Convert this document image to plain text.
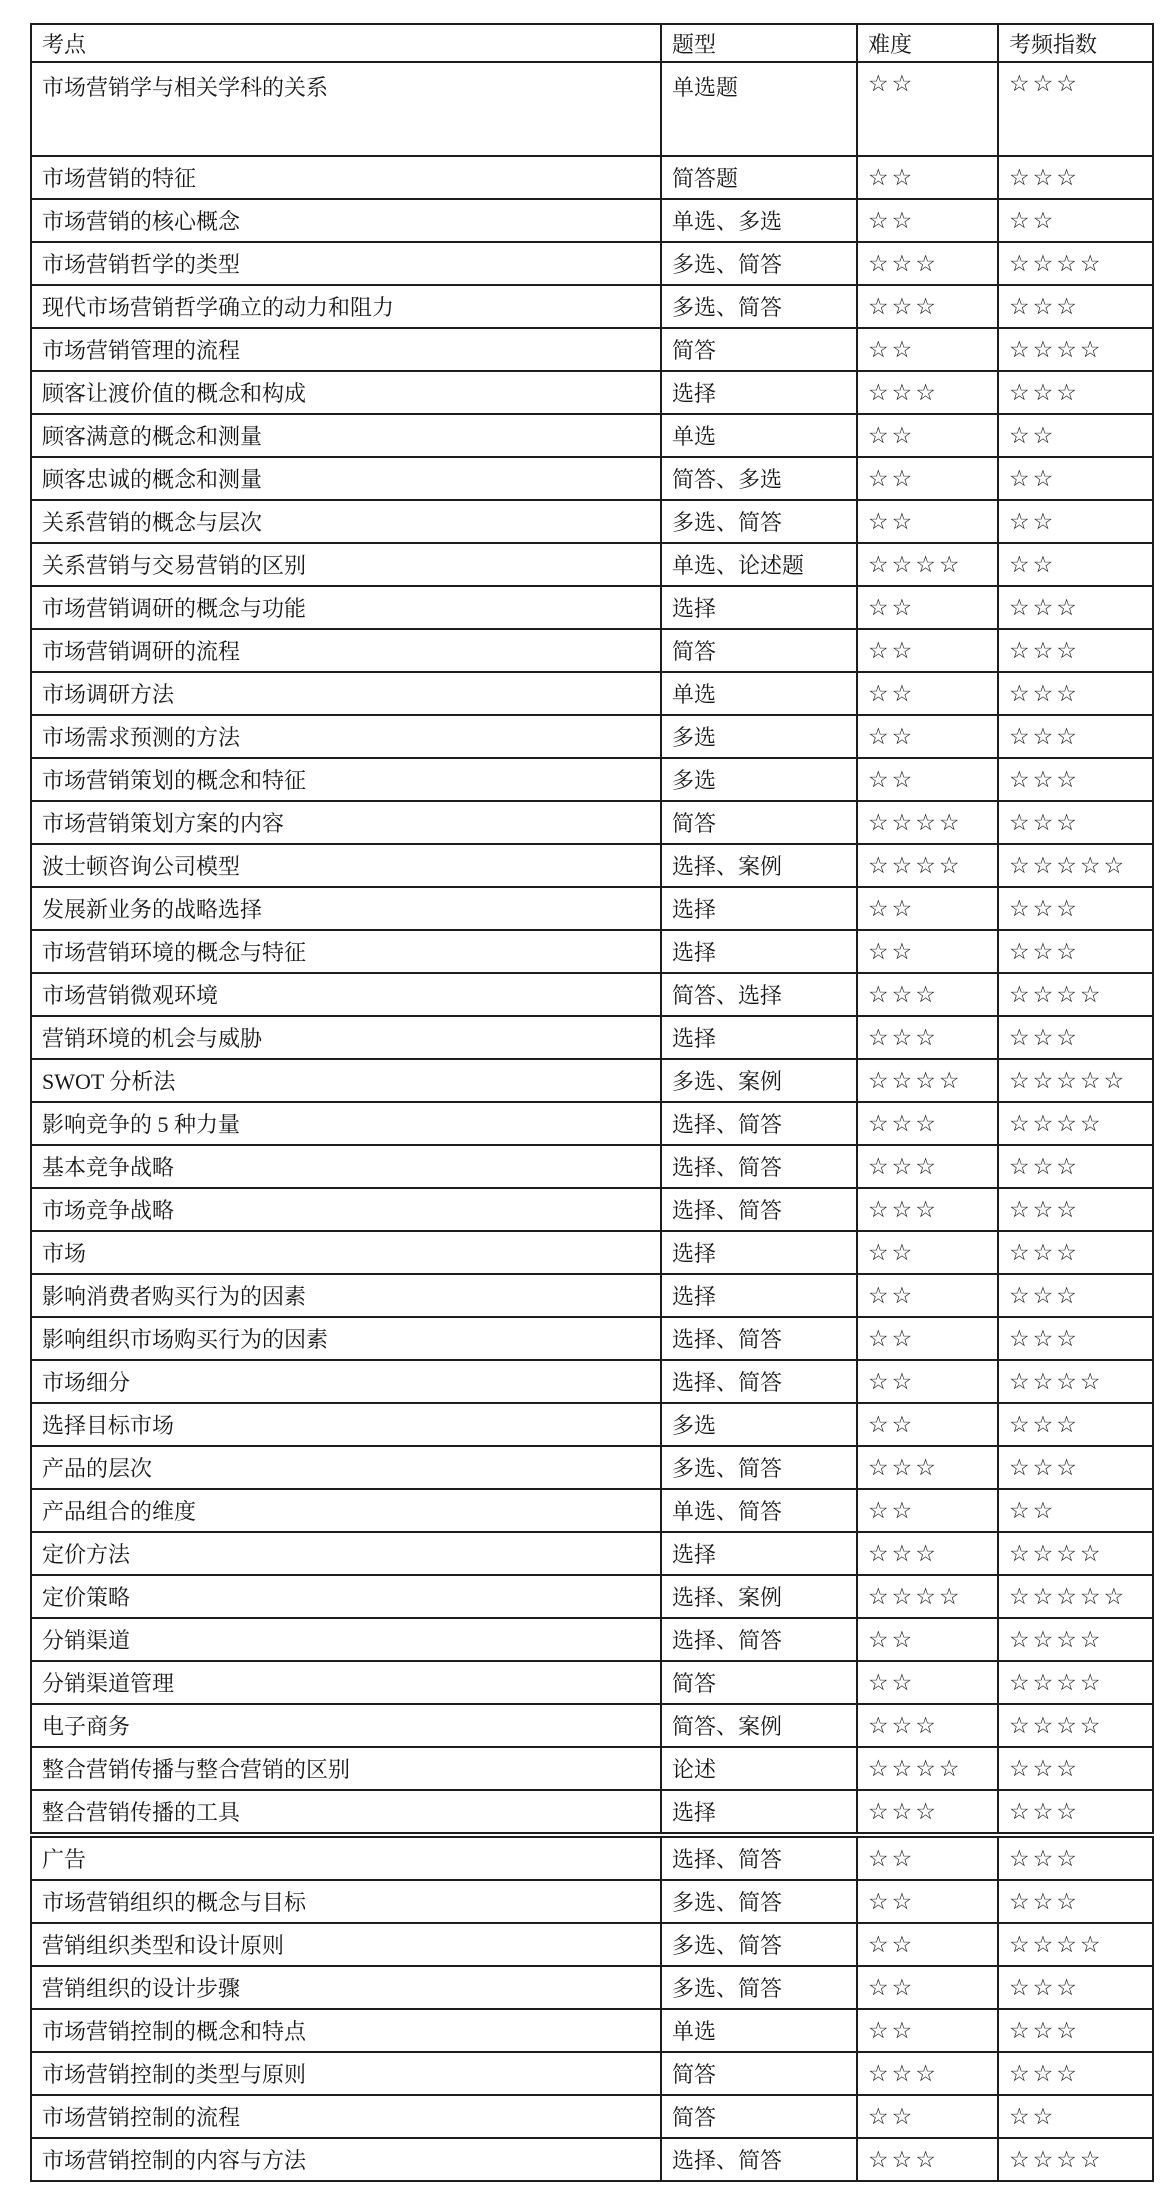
考点	题型	难度	考频指数
市场营销学与相关学科的关系	单选题	☆☆	☆☆☆
市场营销的特征	简答题	☆☆	☆☆☆
市场营销的核心概念	单选、多选	☆☆	☆☆
市场营销哲学的类型	多选、简答	☆☆☆	☆☆☆☆
现代市场营销哲学确立的动力和阻力	多选、简答	☆☆☆	☆☆☆
市场营销管理的流程	简答	☆☆	☆☆☆☆
顾客让渡价值的概念和构成	选择	☆☆☆	☆☆☆
顾客满意的概念和测量	单选	☆☆	☆☆
顾客忠诚的概念和测量	简答、多选	☆☆	☆☆
关系营销的概念与层次	多选、简答	☆☆	☆☆
关系营销与交易营销的区别	单选、论述题	☆☆☆☆	☆☆
市场营销调研的概念与功能	选择	☆☆	☆☆☆
市场营销调研的流程	简答	☆☆	☆☆☆
市场调研方法	单选	☆☆	☆☆☆
市场需求预测的方法	多选	☆☆	☆☆☆
市场营销策划的概念和特征	多选	☆☆	☆☆☆
市场营销策划方案的内容	简答	☆☆☆☆	☆☆☆
波士顿咨询公司模型	选择、案例	☆☆☆☆	☆☆☆☆☆
发展新业务的战略选择	选择	☆☆	☆☆☆
市场营销环境的概念与特征	选择	☆☆	☆☆☆
市场营销微观环境	简答、选择	☆☆☆	☆☆☆☆
营销环境的机会与威胁	选择	☆☆☆	☆☆☆
SWOT 分析法	多选、案例	☆☆☆☆	☆☆☆☆☆
影响竞争的 5 种力量	选择、简答	☆☆☆	☆☆☆☆
基本竞争战略	选择、简答	☆☆☆	☆☆☆
市场竞争战略	选择、简答	☆☆☆	☆☆☆
市场	选择	☆☆	☆☆☆
影响消费者购买行为的因素	选择	☆☆	☆☆☆
影响组织市场购买行为的因素	选择、简答	☆☆	☆☆☆
市场细分	选择、简答	☆☆	☆☆☆☆
选择目标市场	多选	☆☆	☆☆☆
产品的层次	多选、简答	☆☆☆	☆☆☆
产品组合的维度	单选、简答	☆☆	☆☆
定价方法	选择	☆☆☆	☆☆☆☆
定价策略	选择、案例	☆☆☆☆	☆☆☆☆☆
分销渠道	选择、简答	☆☆	☆☆☆☆
分销渠道管理	简答	☆☆	☆☆☆☆
电子商务	简答、案例	☆☆☆	☆☆☆☆
整合营销传播与整合营销的区别	论述	☆☆☆☆	☆☆☆
整合营销传播的工具	选择	☆☆☆	☆☆☆
广告	选择、简答	☆☆	☆☆☆
市场营销组织的概念与目标	多选、简答	☆☆	☆☆☆
营销组织类型和设计原则	多选、简答	☆☆	☆☆☆☆
营销组织的设计步骤	多选、简答	☆☆	☆☆☆
市场营销控制的概念和特点	单选	☆☆	☆☆☆
市场营销控制的类型与原则	简答	☆☆☆	☆☆☆
市场营销控制的流程	简答	☆☆	☆☆
市场营销控制的内容与方法	选择、简答	☆☆☆	☆☆☆☆
